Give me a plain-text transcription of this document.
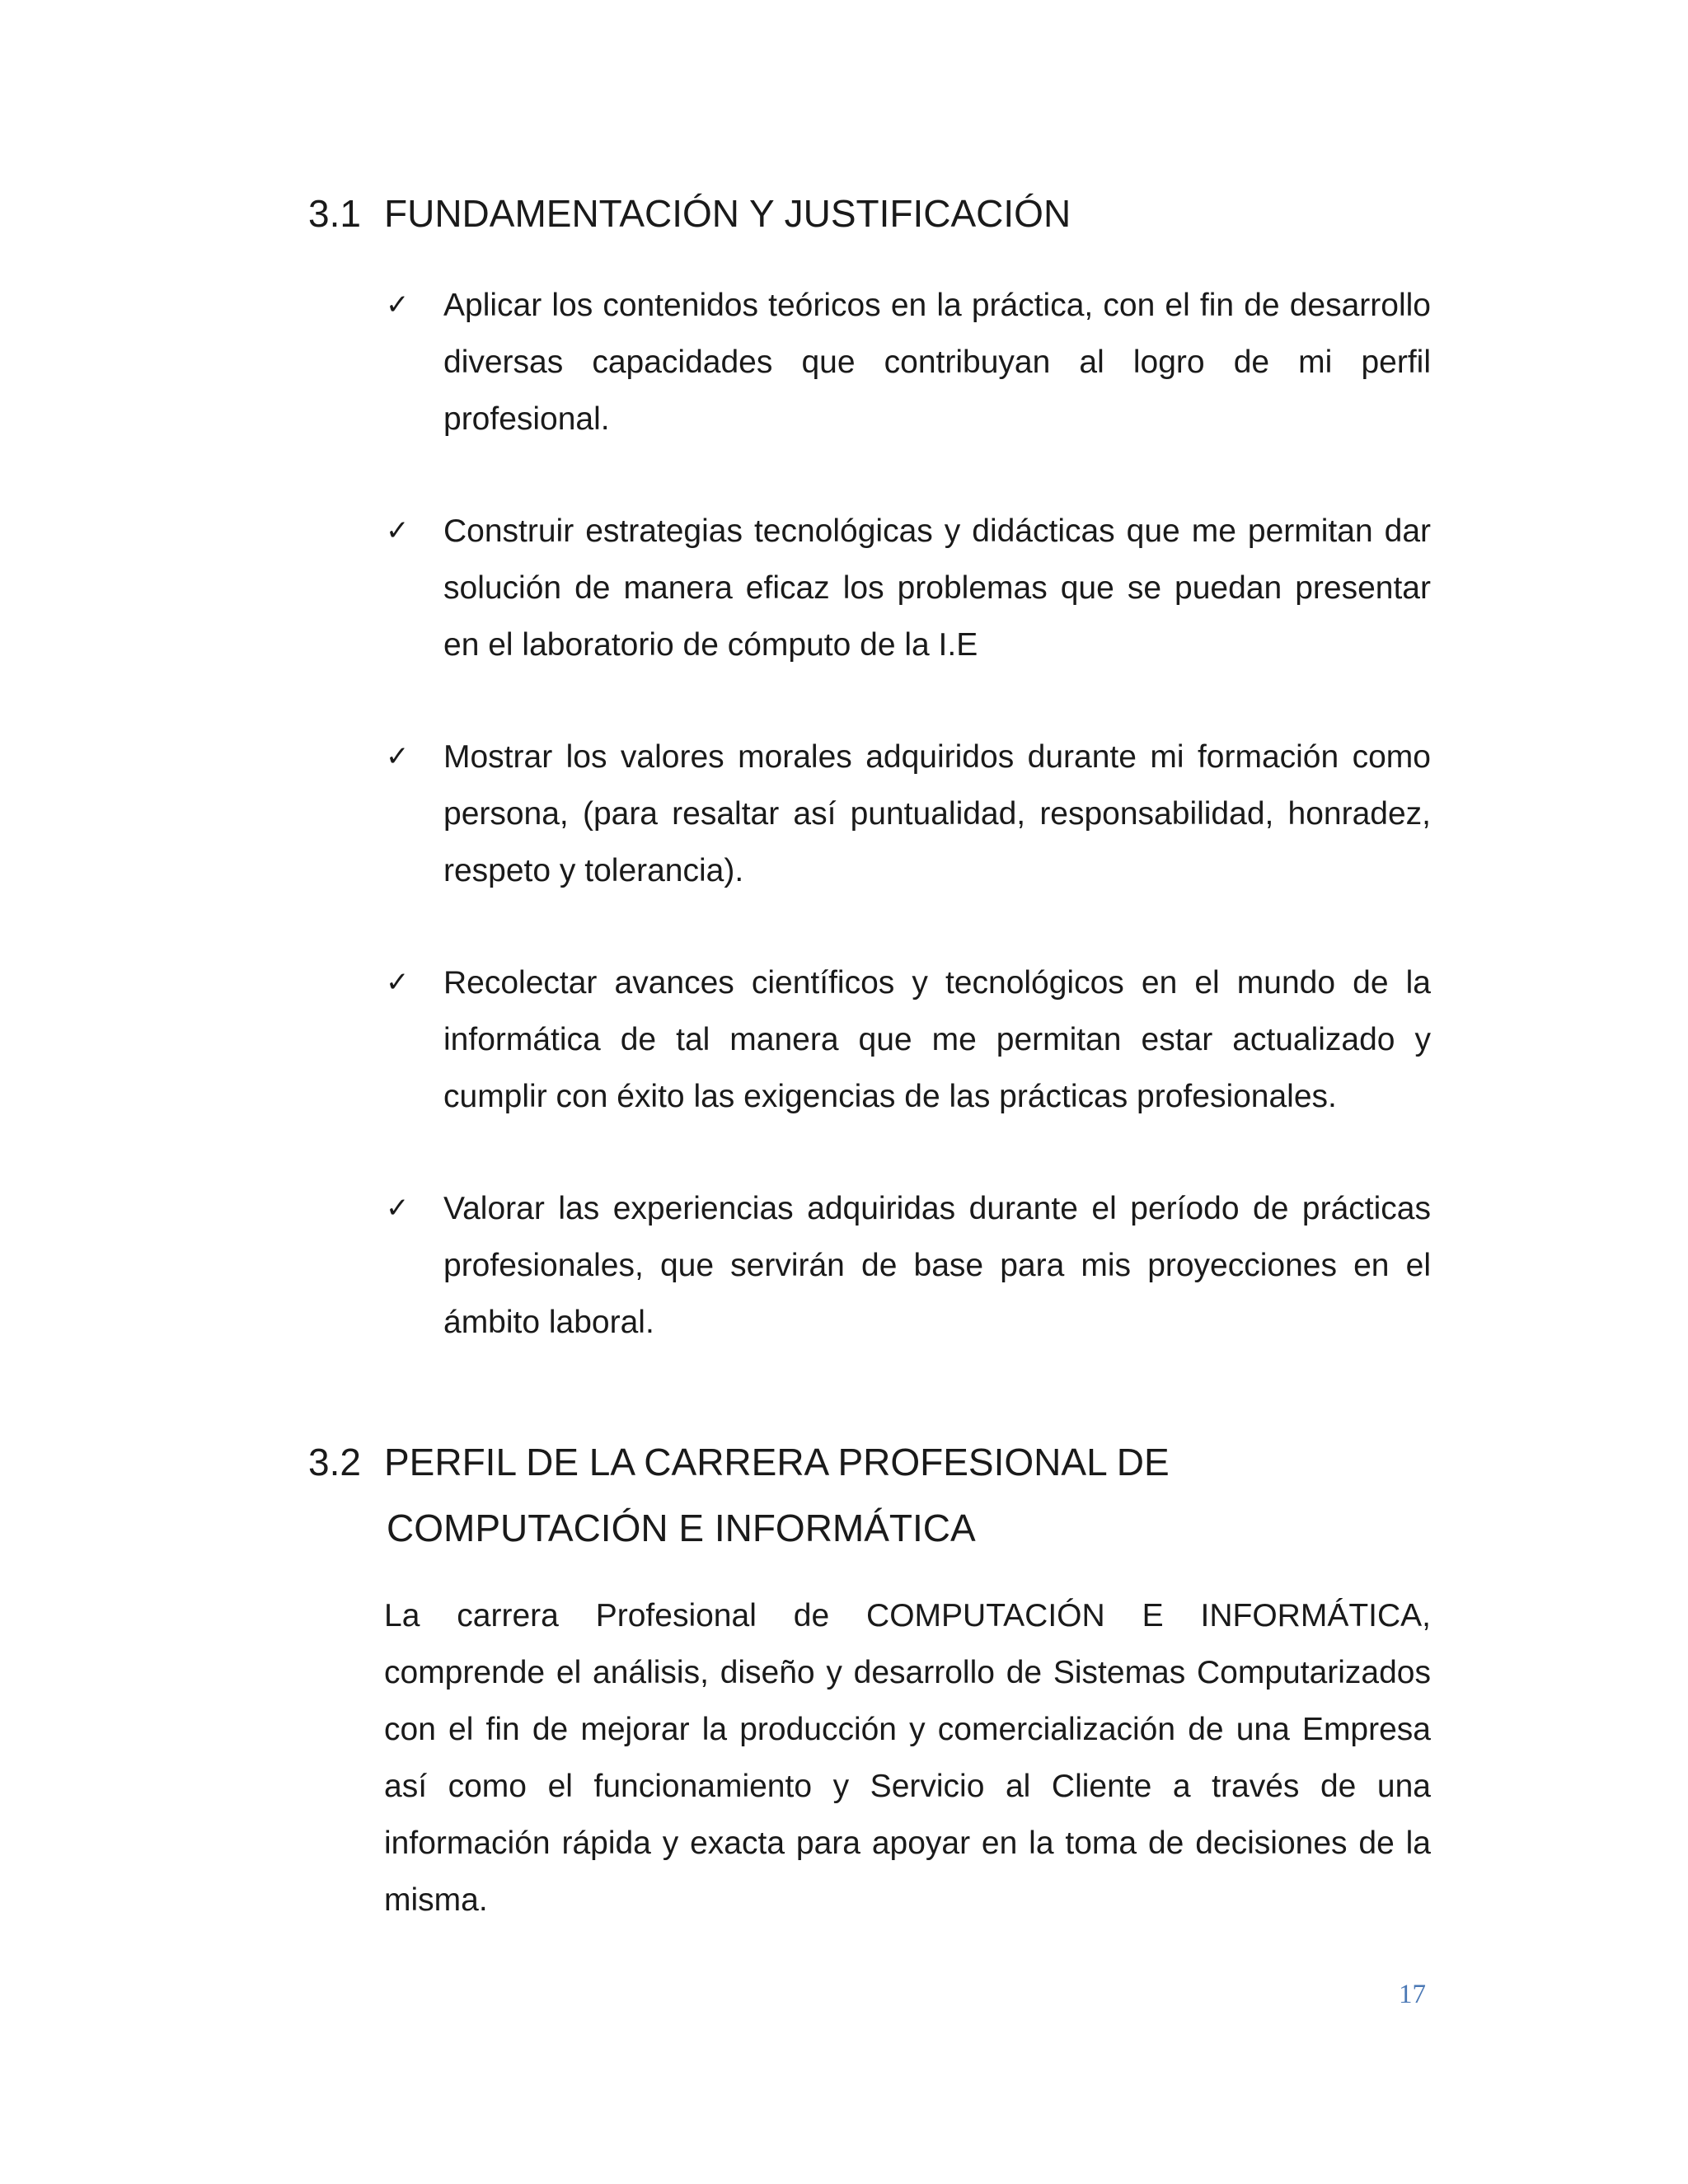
3.1 FUNDAMENTACIÓN Y JUSTIFICACIÓN
✓ Aplicar los contenidos teóricos en la práctica, con el fin de desarrollo diversas capacidades que contribuyan al logro de mi perfil profesional.
✓ Construir estrategias tecnológicas y didácticas que me permitan dar solución de manera eficaz los problemas que se puedan presentar en el laboratorio de cómputo de la I.E
✓ Mostrar los valores morales adquiridos durante mi formación como persona, (para resaltar así puntualidad, responsabilidad, honradez, respeto y tolerancia).
✓ Recolectar avances científicos y tecnológicos en el mundo de la informática de tal manera que me permitan estar actualizado y cumplir con éxito las exigencias de las prácticas profesionales.
✓ Valorar las experiencias adquiridas durante el período de prácticas profesionales, que servirán de base para mis proyecciones en el ámbito laboral.
3.2 PERFIL DE LA CARRERA PROFESIONAL DE
COMPUTACIÓN E INFORMÁTICA

La carrera Profesional de COMPUTACIÓN E INFORMÁTICA, comprende el análisis, diseño y desarrollo de Sistemas Computarizados con el fin de mejorar la producción y comercialización de una Empresa así como el funcionamiento y Servicio al Cliente a través de una información rápida y exacta para apoyar en la toma de decisiones de la misma.

17
